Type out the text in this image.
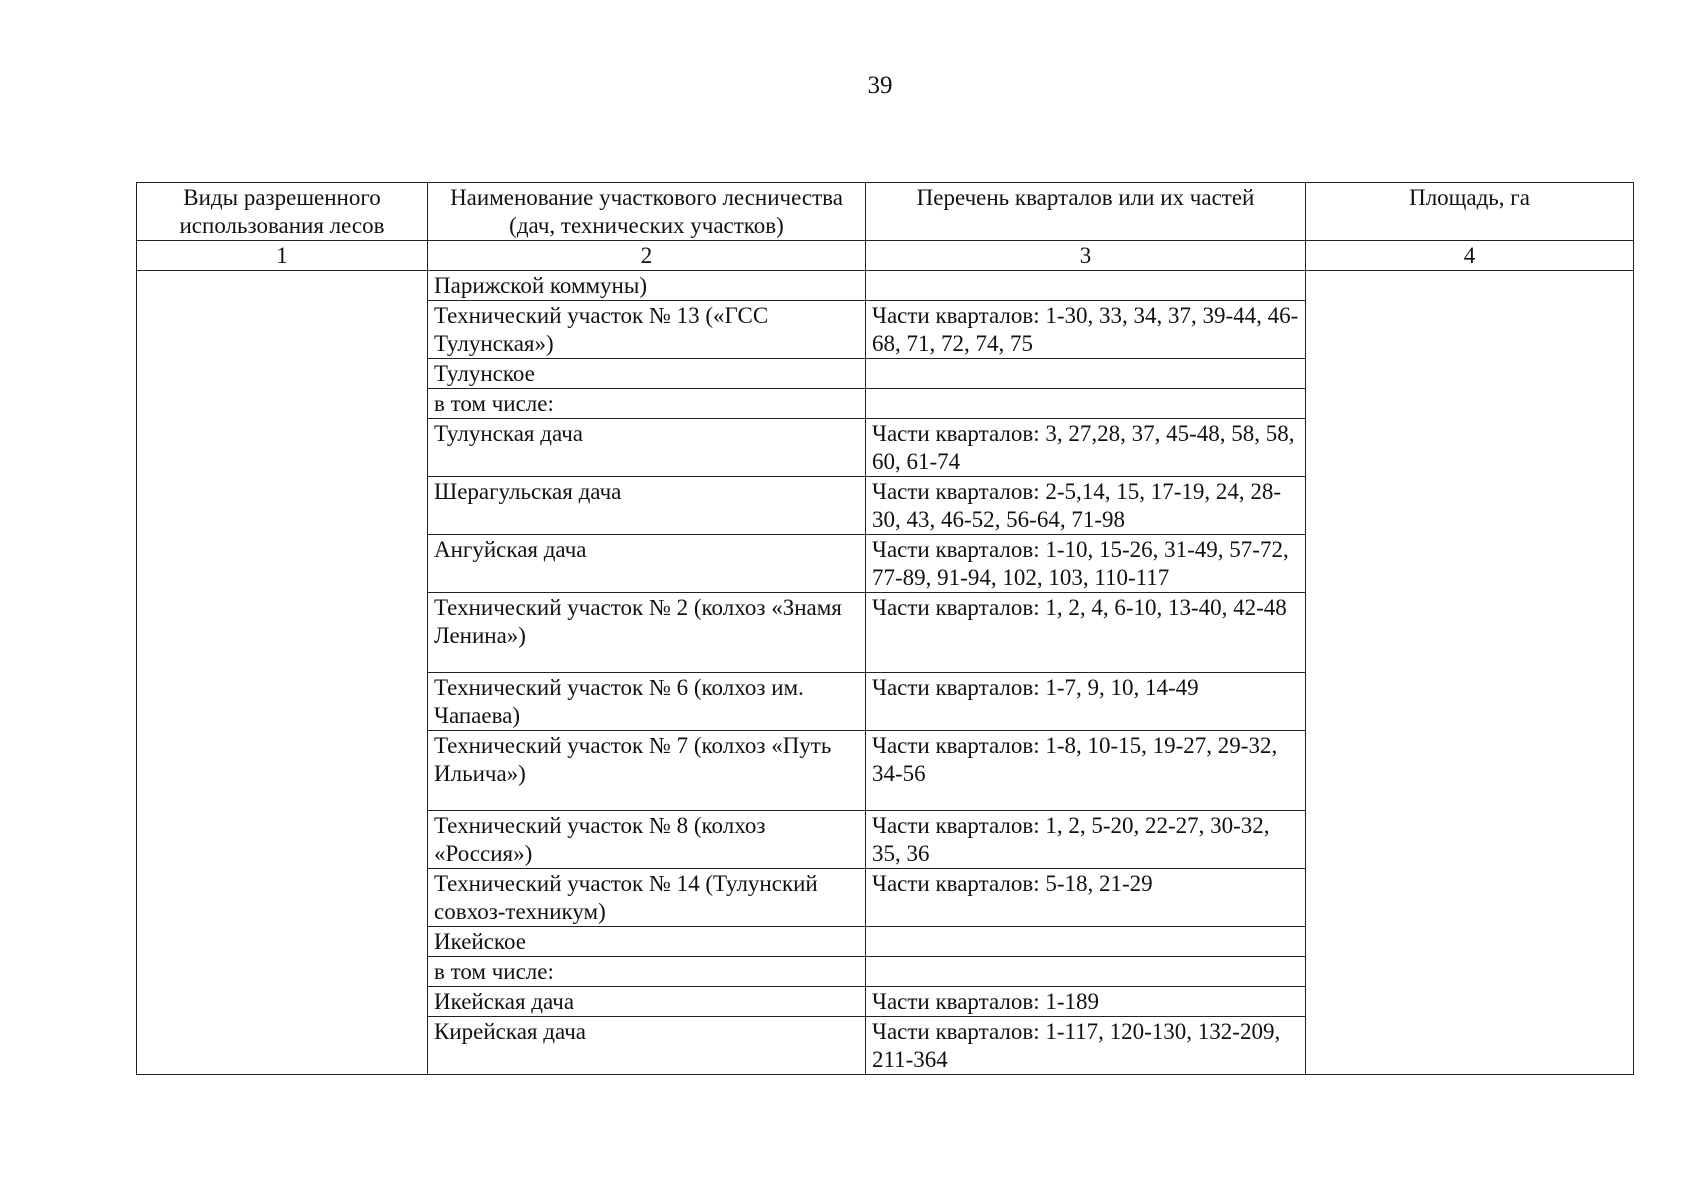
39
Виды разрешенного использования лесов	Наименование участкового лесничества (дач, технических участков)	Перечень кварталов или их частей	Площадь, га
1	2	3	4
	Парижской коммуны)		
	Технический участок № 13 («ГСС Тулунская»)	Части кварталов: 1-30, 33, 34, 37, 39-44, 46-68, 71, 72, 74, 75	
	Тулунское		
	в том числе:		
	Тулунская дача	Части кварталов: 3, 27,28, 37, 45-48, 58, 58, 60, 61-74	
	Шерагульская дача	Части кварталов: 2-5,14, 15, 17-19, 24, 28-30, 43, 46-52, 56-64, 71-98	
	Ангуйская дача	Части кварталов: 1-10, 15-26, 31-49, 57-72, 77-89, 91-94, 102, 103, 110-117	
	Технический участок № 2 (колхоз «Знамя Ленина»)	Части кварталов: 1, 2, 4, 6-10, 13-40, 42-48	
	Технический участок № 6 (колхоз им. Чапаева)	Части кварталов: 1-7, 9, 10, 14-49	
	Технический участок № 7 (колхоз «Путь Ильича»)	Части кварталов: 1-8, 10-15, 19-27, 29-32, 34-56	
	Технический участок № 8 (колхоз «Россия»)	Части кварталов: 1, 2, 5-20, 22-27, 30-32, 35, 36	
	Технический участок № 14 (Тулунский совхоз-техникум)	Части кварталов: 5-18, 21-29	
	Икейское		
	в том числе:		
	Икейская дача	Части кварталов: 1-189	
	Кирейская дача	Части кварталов: 1-117, 120-130, 132-209, 211-364	
